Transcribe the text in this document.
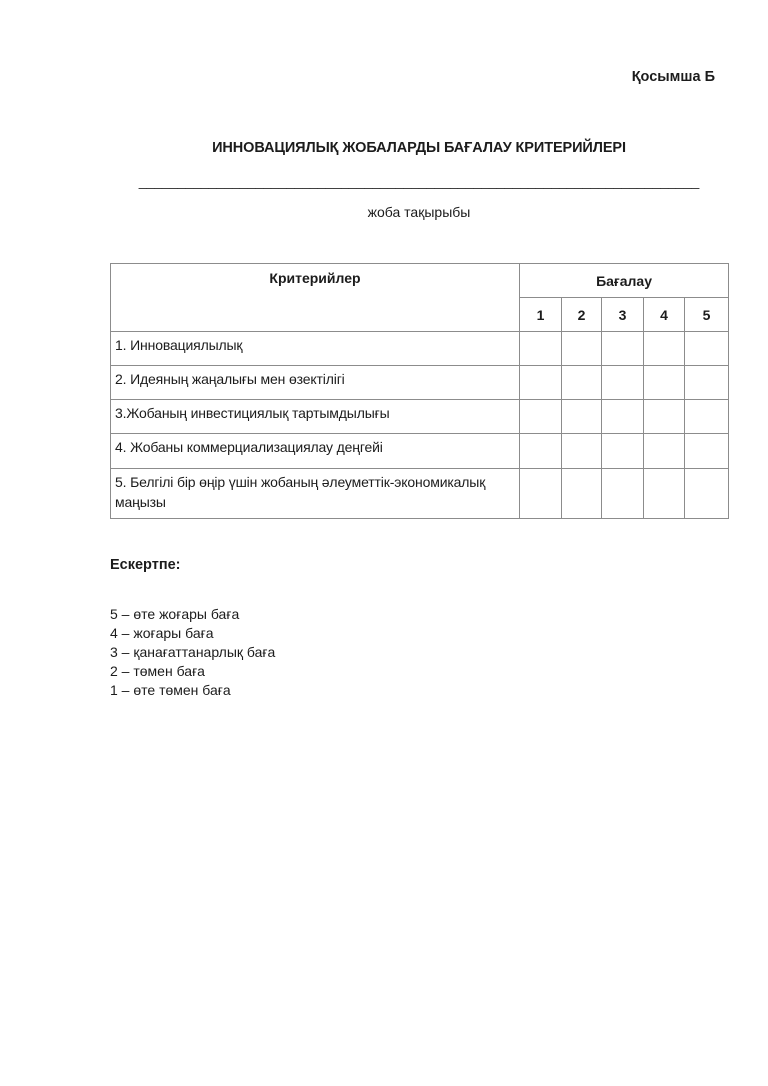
Қосымша Б
ИННОВАЦИЯЛЫҚ ЖОБАЛАРДЫ БАҒАЛАУ КРИТЕРИЙЛЕРІ
________________________________________________________________________
жоба тақырыбы
Критерийлер	Бағалау				
	1	2	3	4	5
1. Инновациялылық					
2. Идеяның жаңалығы мен өзектілігі					
3.Жобаның инвестициялық тартымдылығы					
4. Жобаны коммерциализациялау деңгейі					
5. Белгілі бір өңір үшін жобаның әлеуметтік-экономикалық маңызы					
Ескертпе:
5 – өте жоғары баға
4 – жоғары баға
3 – қанағаттанарлық баға
2 – төмен баға
1 – өте төмен баға
